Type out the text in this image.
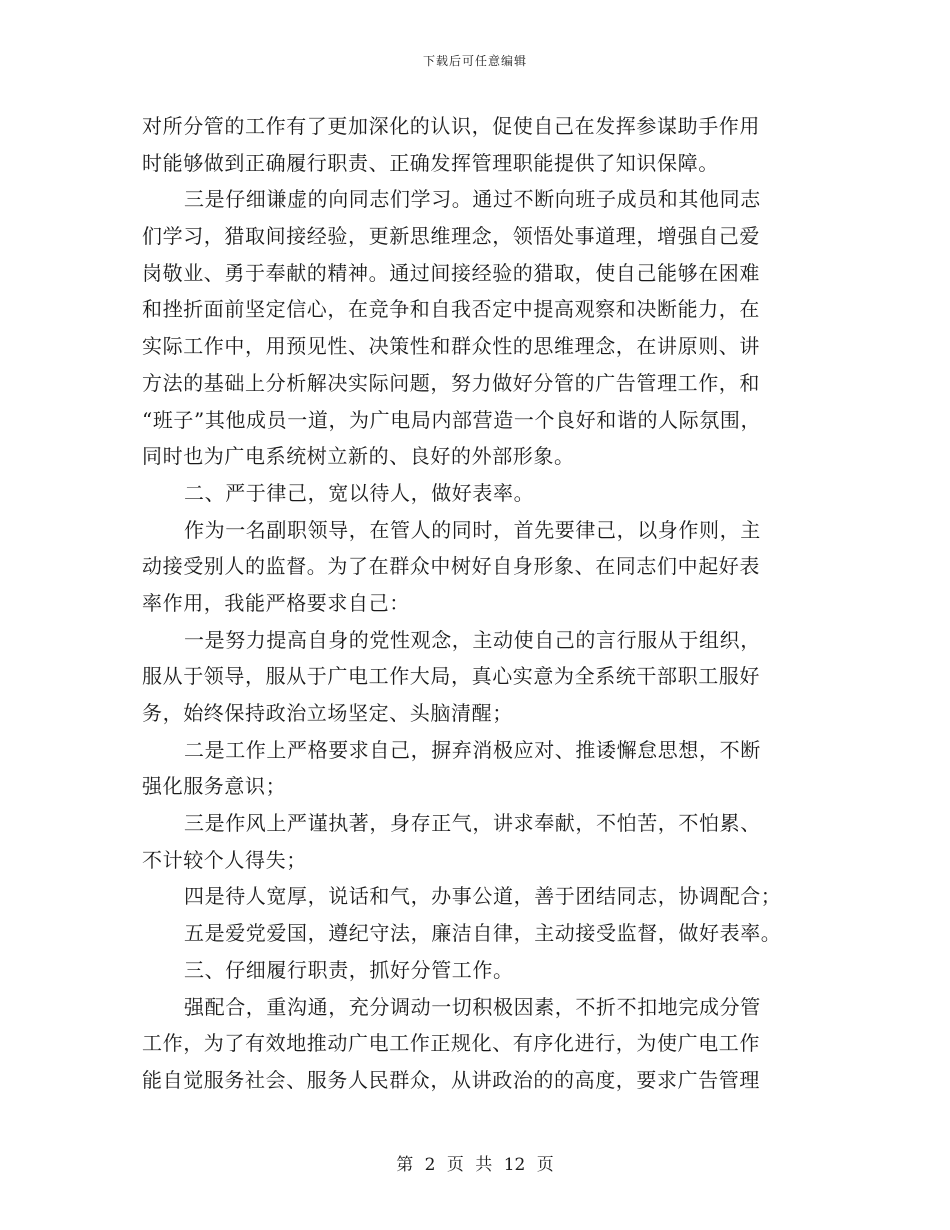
下载后可任意编辑
对所分管的工作有了更加深化的认识，促使自己在发挥参谋助手作用
时能够做到正确履行职责、正确发挥管理职能提供了知识保障。
三是仔细谦虚的向同志们学习。通过不断向班子成员和其他同志
们学习，猎取间接经验，更新思维理念，领悟处事道理，增强自己爱
岗敬业、勇于奉献的精神。通过间接经验的猎取，使自己能够在困难
和挫折面前坚定信心，在竞争和自我否定中提高观察和决断能力，在
实际工作中，用预见性、决策性和群众性的思维理念，在讲原则、讲
方法的基础上分析解决实际问题，努力做好分管的广告管理工作，和
“班子”其他成员一道，为广电局内部营造一个良好和谐的人际氛围，
同时也为广电系统树立新的、良好的外部形象。
二、严于律己，宽以待人，做好表率。
作为一名副职领导，在管人的同时，首先要律己，以身作则，主
动接受别人的监督。为了在群众中树好自身形象、在同志们中起好表
率作用，我能严格要求自己：
一是努力提高自身的党性观念，主动使自己的言行服从于组织，
服从于领导，服从于广电工作大局，真心实意为全系统干部职工服好
务，始终保持政治立场坚定、头脑清醒；
二是工作上严格要求自己，摒弃消极应对、推诿懈怠思想，不断
强化服务意识；
三是作风上严谨执著，身存正气，讲求奉献，不怕苦，不怕累、
不计较个人得失；
四是待人宽厚，说话和气，办事公道，善于团结同志，协调配合；
五是爱党爱国，遵纪守法，廉洁自律，主动接受监督，做好表率。
三、仔细履行职责，抓好分管工作。
强配合，重沟通，充分调动一切积极因素，不折不扣地完成分管
工作，为了有效地推动广电工作正规化、有序化进行，为使广电工作
能自觉服务社会、服务人民群众，从讲政治的的高度，要求广告管理
第 2 页 共 12 页
